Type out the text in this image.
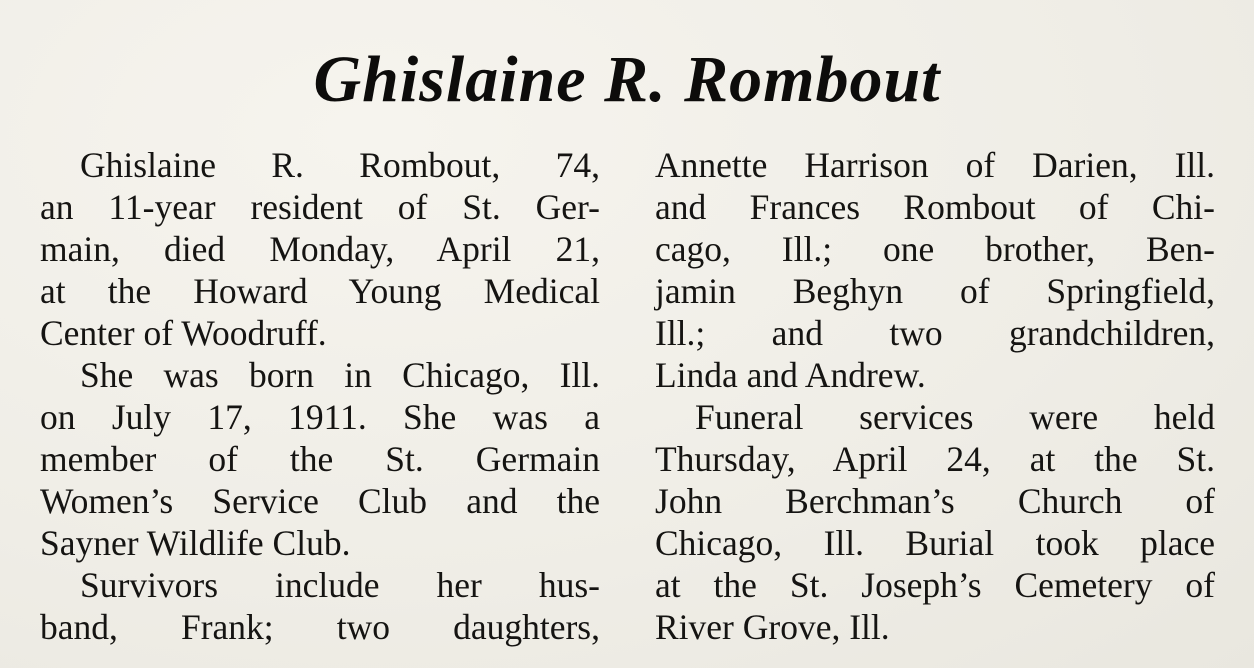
Ghislaine R. Rombout
Ghislaine R. Rombout, 74,
an 11-year resident of St. Ger-
main, died Monday, April 21,
at the Howard Young Medical
Center of Woodruff.
She was born in Chicago, Ill.
on July 17, 1911. She was a
member of the St. Germain
Women’s Service Club and the
Sayner Wildlife Club.
Survivors include her hus-
band, Frank; two daughters,
Annette Harrison of Darien, Ill.
and Frances Rombout of Chi-
cago, Ill.; one brother, Ben-
jamin Beghyn of Springfield,
Ill.; and two grandchildren,
Linda and Andrew.
Funeral services were held
Thursday, April 24, at the St.
John Berchman’s Church of
Chicago, Ill. Burial took place
at the St. Joseph’s Cemetery of
River Grove, Ill.
